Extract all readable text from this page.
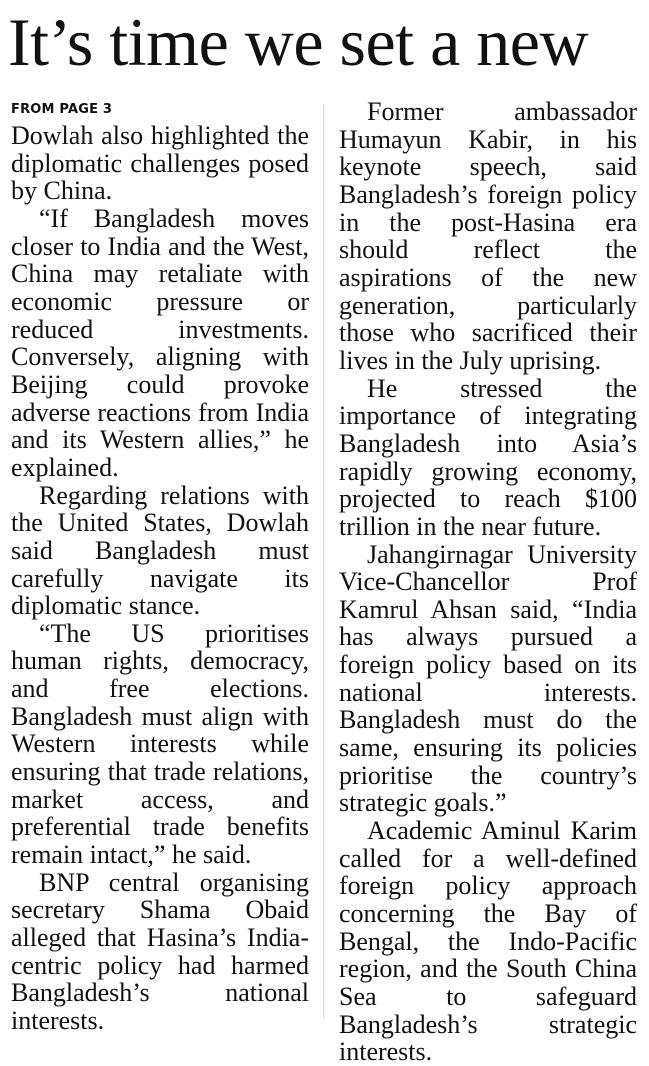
It’s time we set a new
FROM PAGE 3

Dowlah also highlighted the diplomatic challenges posed by China.

“If Bangladesh moves closer to India and the West, China may retaliate with economic pressure or reduced investments. Conversely, aligning with Beijing could provoke adverse reactions from India and its Western allies,” he explained.

Regarding relations with the United States, Dowlah said Bangladesh must carefully navigate its diplomatic stance.

“The US prioritises human rights, democracy, and free elections. Bangladesh must align with Western interests while ensuring that trade relations, market access, and preferential trade benefits remain intact,” he said.

BNP central organising secretary Shama Obaid alleged that Hasina’s India-centric policy had harmed Bangladesh’s national interests.

Former ambassador Humayun Kabir, in his keynote speech, said Bangladesh’s foreign policy in the post-Hasina era should reflect the aspirations of the new generation, particularly those who sacrificed their lives in the July uprising.

He stressed the importance of integrating Bangladesh into Asia’s rapidly growing economy, projected to reach $100 trillion in the near future.

Jahangirnagar University Vice-Chancellor Prof Kamrul Ahsan said, “India has always pursued a foreign policy based on its national interests. Bangladesh must do the same, ensuring its policies prioritise the country’s strategic goals.”

Academic Aminul Karim called for a well-defined foreign policy approach concerning the Bay of Bengal, the Indo-Pacific region, and the South China Sea to safeguard Bangladesh’s strategic interests.
